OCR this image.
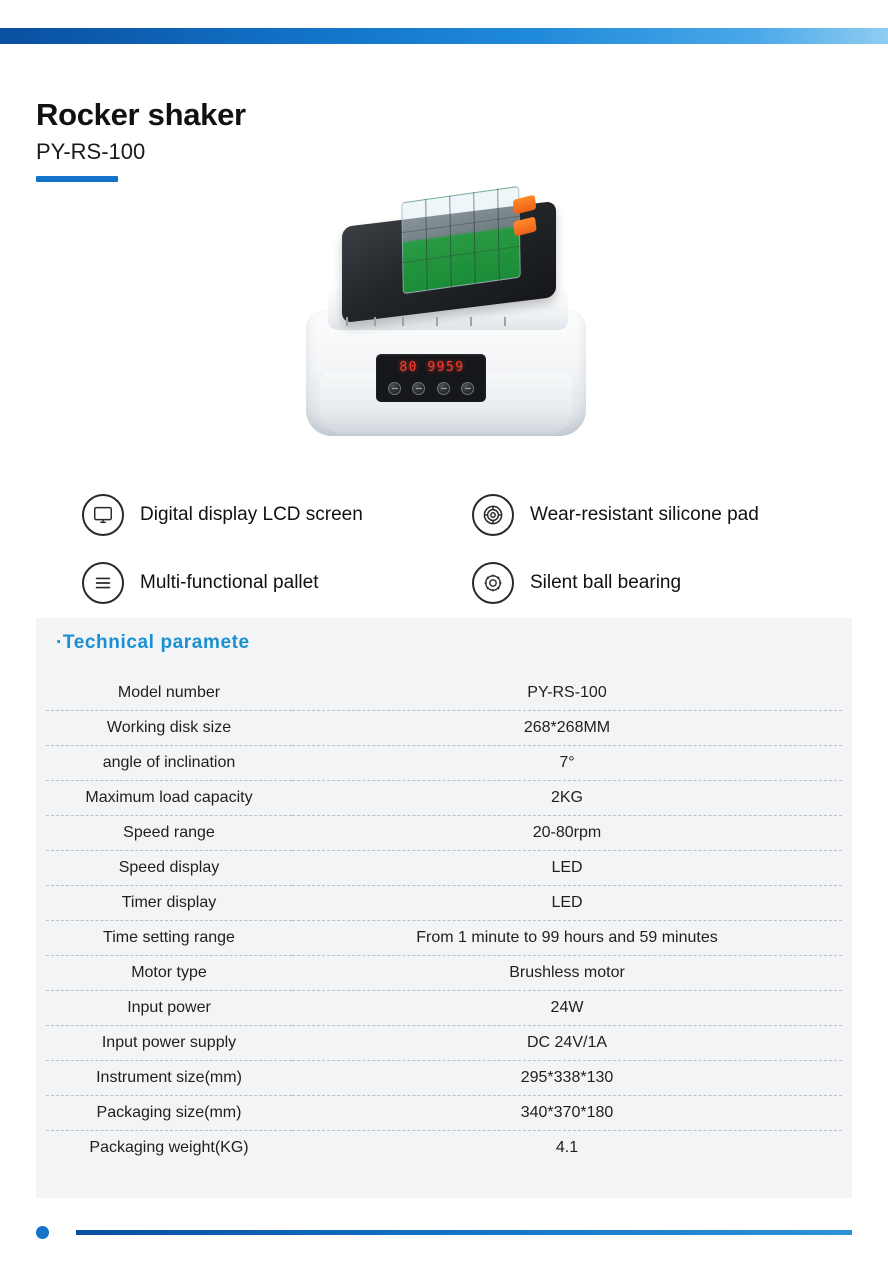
Rocker shaker

PY-RS-100

80 9959
Digital display LCD screen	Wear-resistant silicone pad
Multi-functional pallet	Silent ball bearing
·Technical paramete
Model number	PY-RS-100
Working disk size	268*268MM
angle of inclination	7°
Maximum load capacity	2KG
Speed range	20-80rpm
Speed display	LED
Timer display	LED
Time setting range	From 1 minute to 99 hours and 59 minutes
Motor type	Brushless motor
Input power	24W
Input power supply	DC 24V/1A
Instrument size(mm)	295*338*130
Packaging size(mm)	340*370*180
Packaging weight(KG)	4.1
